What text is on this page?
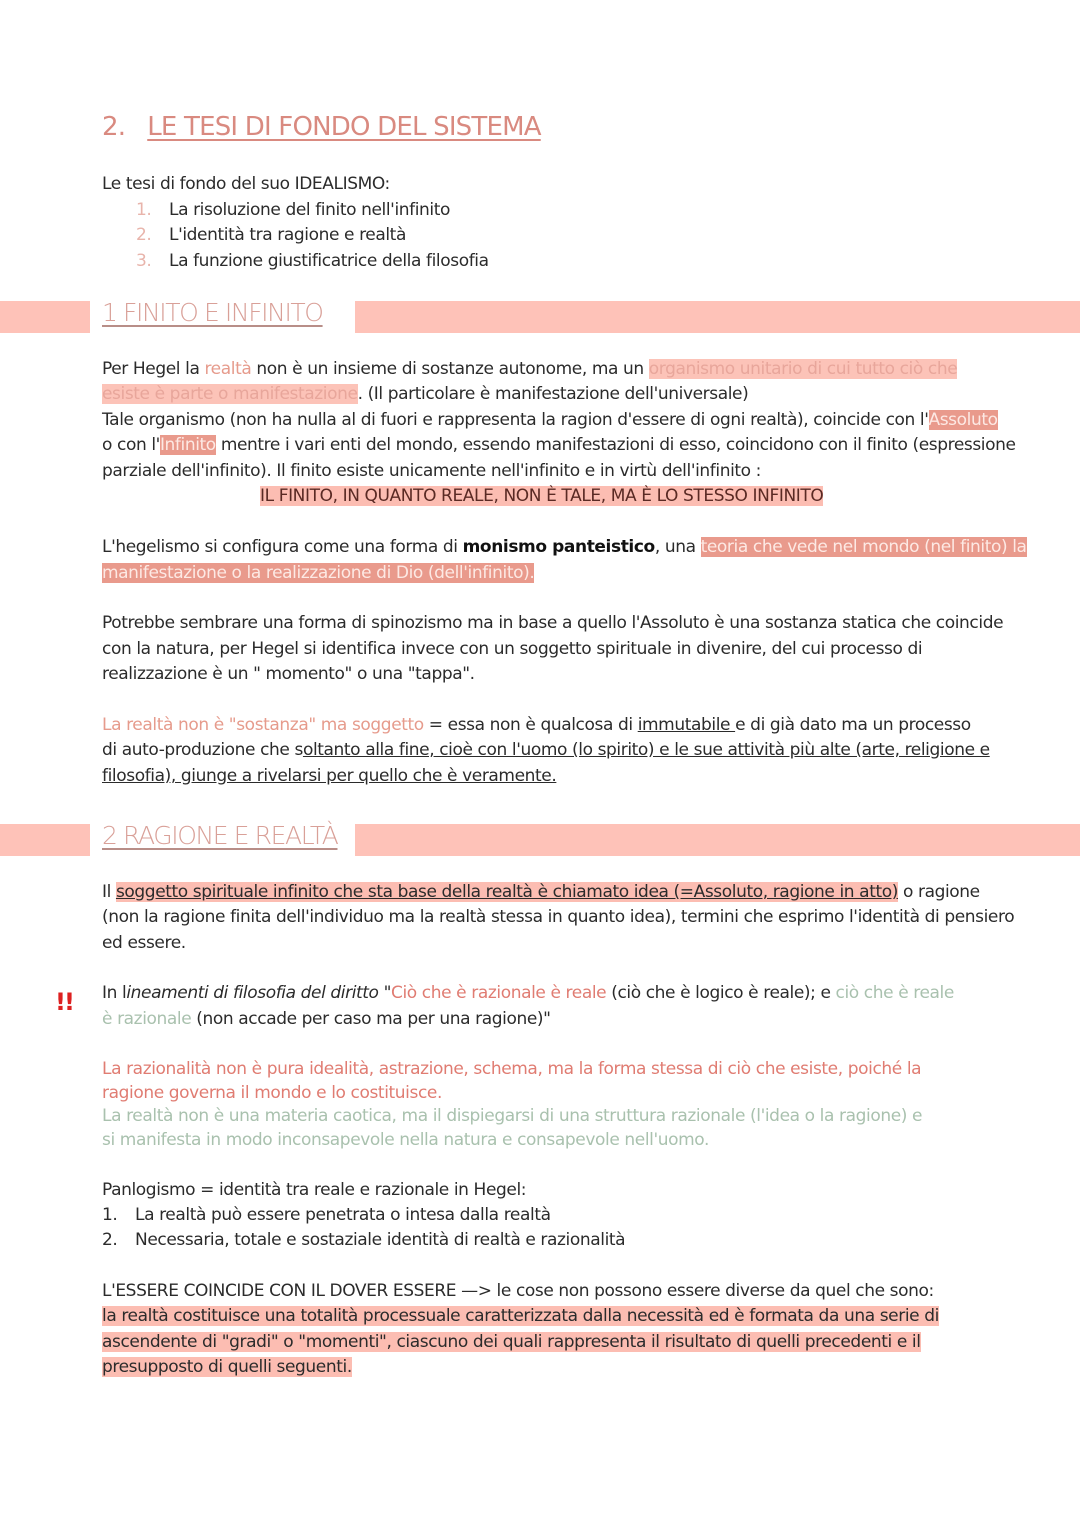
2. LE TESI DI FONDO DEL SISTEMA
Le tesi di fondo del suo IDEALISMO:
1. La risoluzione del finito nell'infinito
2. L'identità tra ragione e realtà
3. La funzione giustificatrice della filosofia
1 FINITO E INFINITO
Per Hegel la realtà non è un insieme di sostanze autonome, ma un organismo unitario di cui tutto ciò che
esiste è parte o manifestazione. (Il particolare è manifestazione dell'universale)
Tale organismo (non ha nulla al di fuori e rappresenta la ragion d'essere di ogni realtà), coincide con l'Assoluto
o con l'Infinito mentre i vari enti del mondo, essendo manifestazioni di esso, coincidono con il finito (espressione
parziale dell'infinito). Il finito esiste unicamente nell'infinito e in virtù dell'infinito :
IL FINITO, IN QUANTO REALE, NON È TALE, MA È LO STESSO INFINITO
L'hegelismo si configura come una forma di monismo panteistico, una teoria che vede nel mondo (nel finito) la
manifestazione o la realizzazione di Dio (dell'infinito).
Potrebbe sembrare una forma di spinozismo ma in base a quello l'Assoluto è una sostanza statica che coincide
con la natura, per Hegel si identifica invece con un soggetto spirituale in divenire, del cui processo di
realizzazione è un " momento" o una "tappa".
La realtà non è "sostanza" ma soggetto = essa non è qualcosa di immutabile e di già dato ma un processo
di auto-produzione che soltanto alla fine, cioè con l'uomo (lo spirito) e le sue attività più alte (arte, religione e
filosofia), giunge a rivelarsi per quello che è veramente.
2 RAGIONE E REALTÀ
Il soggetto spirituale infinito che sta base della realtà è chiamato idea (=Assoluto, ragione in atto) o ragione
(non la ragione finita dell'individuo ma la realtà stessa in quanto idea), termini che esprimo l'identità di pensiero
ed essere.
!! In lineamenti di filosofia del diritto "Ciò che è razionale è reale (ciò che è logico è reale); e ciò che è reale
è razionale (non accade per caso ma per una ragione)"
La razionalità non è pura idealità, astrazione, schema, ma la forma stessa di ciò che esiste, poiché la
ragione governa il mondo e lo costituisce.
La realtà non è una materia caotica, ma il dispiegarsi di una struttura razionale (l'idea o la ragione) e
si manifesta in modo inconsapevole nella natura e consapevole nell'uomo.
Panlogismo = identità tra reale e razionale in Hegel:
1. La realtà può essere penetrata o intesa dalla realtà
2. Necessaria, totale e sostaziale identità di realtà e razionalità
L'ESSERE COINCIDE CON IL DOVER ESSERE —> le cose non possono essere diverse da quel che sono:
la realtà costituisce una totalità processuale caratterizzata dalla necessità ed è formata da una serie di
ascendente di "gradi" o "momenti", ciascuno dei quali rappresenta il risultato di quelli precedenti e il
presupposto di quelli seguenti.
